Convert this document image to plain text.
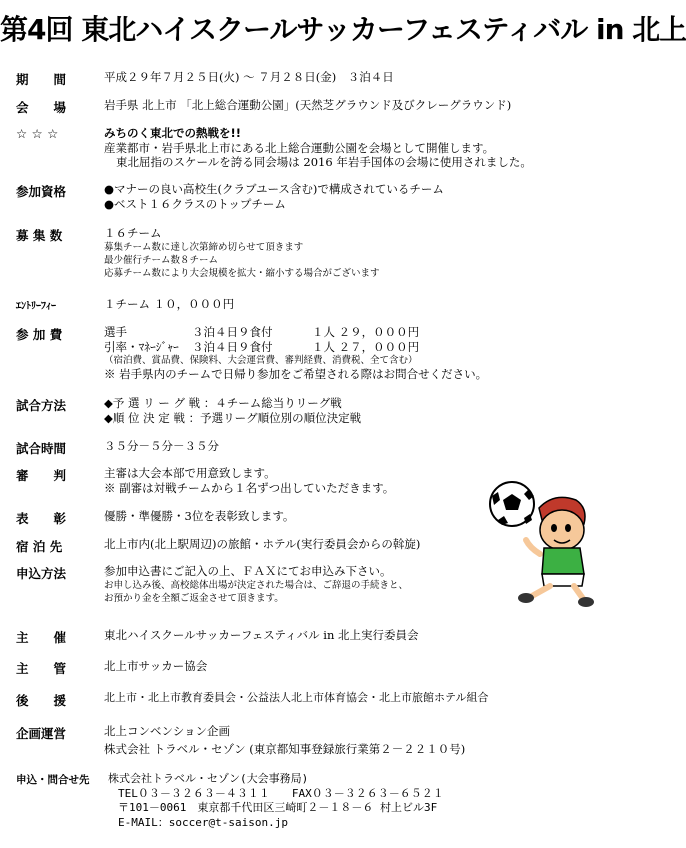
第4回 東北ハイスクールサッカーフェスティバル in 北上
期　　間	平成２９年７月２５日(火) ～ ７月２８日(金)　３泊４日
会　　場	岩手県 北上市 「北上総合運動公園」(天然芝グラウンド及びクレーグラウンド)
☆ ☆ ☆	みちのく東北での熱戦を!!
産業都市・岩手県北上市にある北上総合運動公園を会場として開催します。
東北屈指のスケールを誇る同会場は 2016 年岩手国体の会場に使用されました。
参加資格	●マナーの良い高校生(クラブユース含む)で構成されているチーム
●ベスト１６クラスのトップチーム
募 集 数	１６チーム
募集チーム数に達し次第締め切らせて頂きます
最少催行チーム数８チーム
応募チーム数により大会規模を拡大・縮小する場合がございます
ｴﾝﾄﾘｰﾌｨｰ	１チーム １０，０００円
参 加 費	選手	３泊４日９食付	１人 ２９，０００円
引率・ﾏﾈｰｼﾞｬｰ ３泊４日９食付	１人 ２７，０００円
（宿泊費、賞品費、保険料、大会運営費、審判経費、消費税、全て含む）
※ 岩手県内のチームで日帰り参加をご希望される際はお問合せください。
試合方法	◆予 選 リ ー グ 戦 ：４チーム総当りリーグ戦
◆順 位 決 定 戦 ：予選リーグ順位別の順位決定戦
試合時間	３５分－５分－３５分
審　　判	主審は大会本部で用意致します。
※ 副審は対戦チームから１名ずつ出していただきます。
表　　彰	優勝・準優勝・3位を表彰致します。
宿 泊 先	北上市内(北上駅周辺)の旅館・ホテル(実行委員会からの斡旋)
申込方法	参加申込書にご記入の上、ＦＡＸにてお申込み下さい。
お申し込み後、高校総体出場が決定された場合は、ご辞退の手続きと、
お預かり金を全額ご返金させて頂きます。
主　　催	東北ハイスクールサッカーフェスティバル in 北上実行委員会
主　　管	北上市サッカー協会
後　　援	北上市・北上市教育委員会・公益法人北上市体育協会・北上市旅館ホテル組合
企画運営	北上コンベンション企画
株式会社 トラベル・セゾン (東京都知事登録旅行業第２－２２１０号)
申込・問合せ先	株式会社トラベル・セゾン(大会事務局)
TEL０３－３２６３－４３１１　　FAX０３－３２６３－６５２１
〒101－0061　東京都千代田区三崎町２－１８－６ 村上ビル3F
E-MAIL：soccer@t-saison.jp
